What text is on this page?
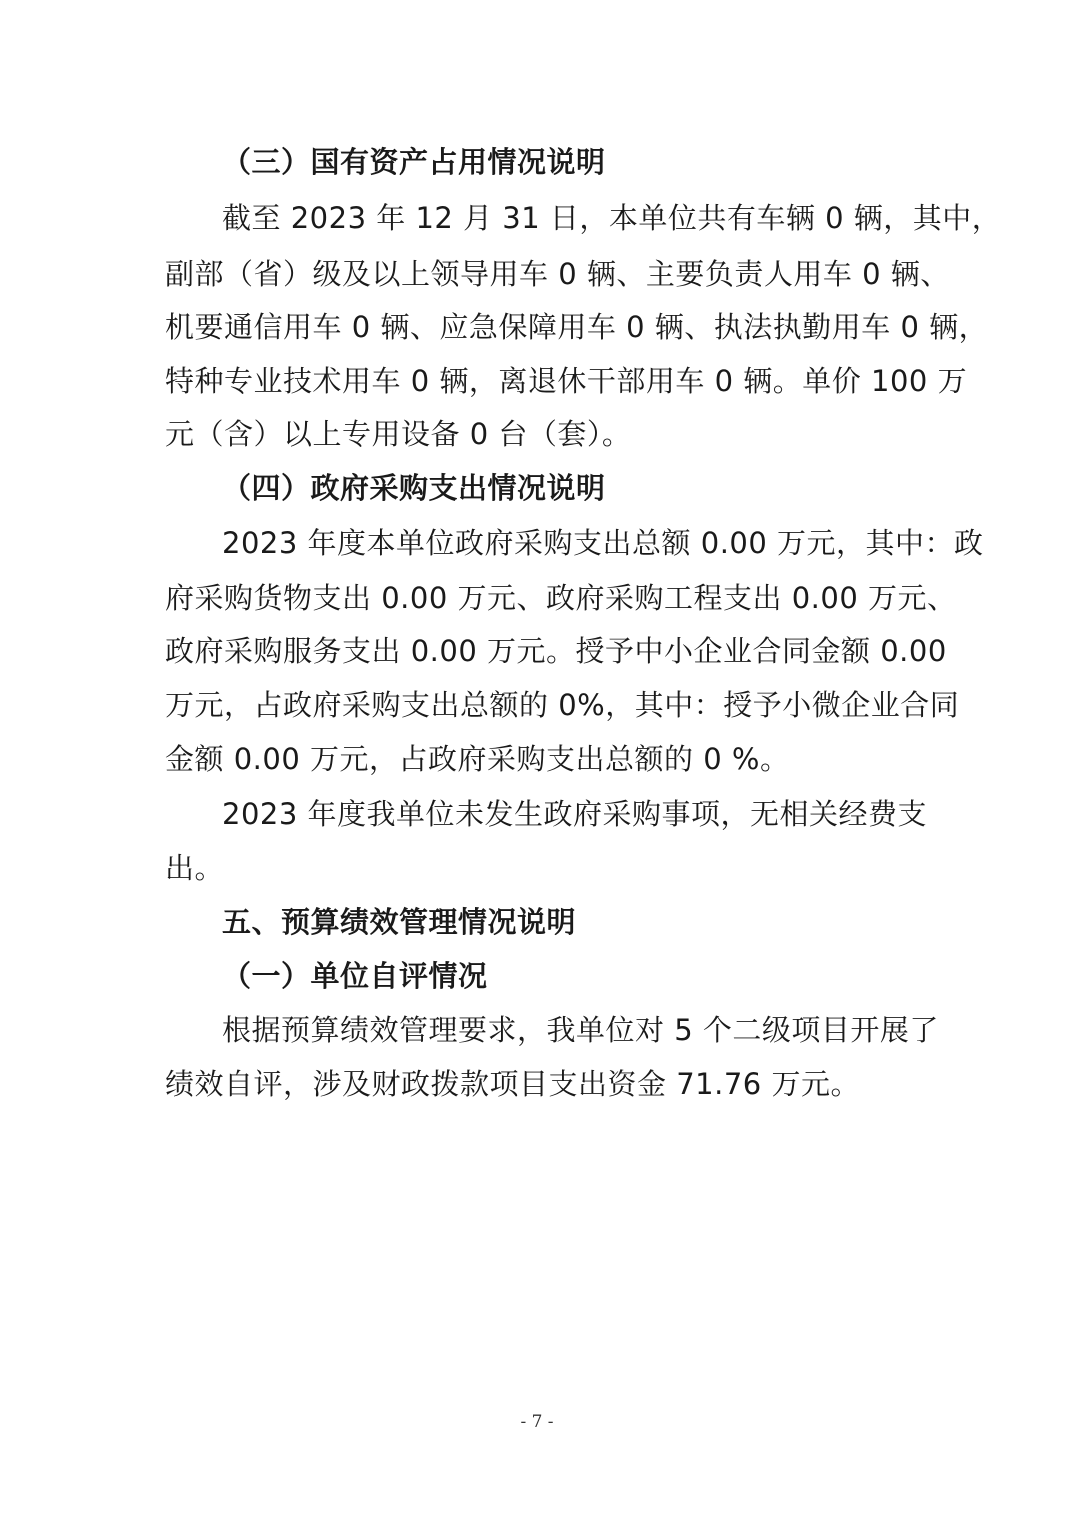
（三）国有资产占用情况说明
截至 2023 年 12 月 31 日，本单位共有车辆 0 辆，其中，
副部（省）级及以上领导用车 0 辆、主要负责人用车 0 辆、
机要通信用车 0 辆、应急保障用车 0 辆、执法执勤用车 0 辆，
特种专业技术用车 0 辆，离退休干部用车 0 辆。单价 100 万
元（含）以上专用设备 0 台（套）。
（四）政府采购支出情况说明
2023 年度本单位政府采购支出总额 0.00 万元，其中：政
府采购货物支出 0.00 万元、政府采购工程支出 0.00 万元、
政府采购服务支出 0.00 万元。授予中小企业合同金额 0.00
万元，占政府采购支出总额的 0%，其中：授予小微企业合同
金额 0.00 万元，占政府采购支出总额的 0 %。
2023 年度我单位未发生政府采购事项，无相关经费支
出。
五、预算绩效管理情况说明
（一）单位自评情况
根据预算绩效管理要求，我单位对 5 个二级项目开展了
绩效自评，涉及财政拨款项目支出资金 71.76 万元。
- 7 -
